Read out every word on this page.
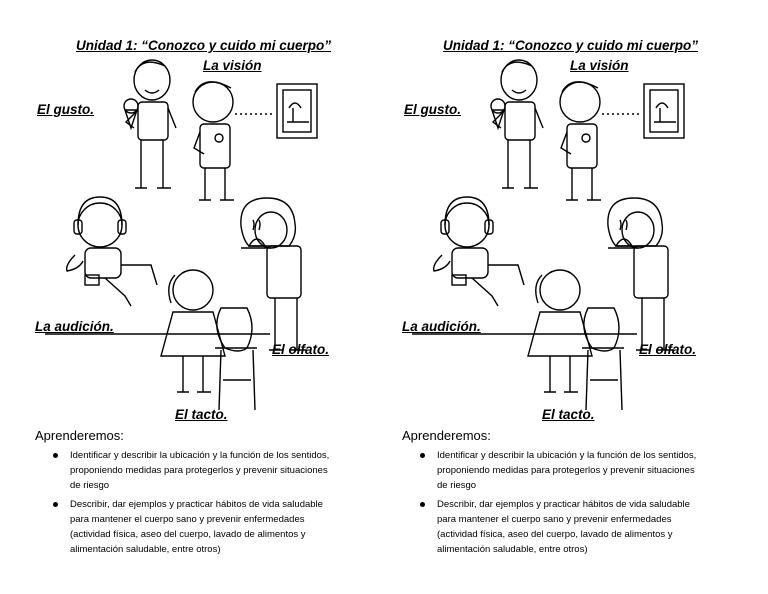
Unidad 1: “Conozco y cuido mi cuerpo”
La visión
El gusto.
La audición.
El olfato.
El tacto.
Aprenderemos:
Identificar y describir la ubicación y la función de los sentidos, proponiendo medidas para protegerlos y prevenir situaciones de riesgo
Describir, dar ejemplos y practicar hábitos de vida saludable para mantener el cuerpo sano y prevenir enfermedades (actividad física, aseo del cuerpo, lavado de alimentos y alimentación saludable, entre otros)
Unidad 1: “Conozco y cuido mi cuerpo”
La visión
El gusto.
La audición.
El olfato.
El tacto.
Aprenderemos:
Identificar y describir la ubicación y la función de los sentidos, proponiendo medidas para protegerlos y prevenir situaciones de riesgo
Describir, dar ejemplos y practicar hábitos de vida saludable para mantener el cuerpo sano y prevenir enfermedades (actividad física, aseo del cuerpo, lavado de alimentos y alimentación saludable, entre otros)
